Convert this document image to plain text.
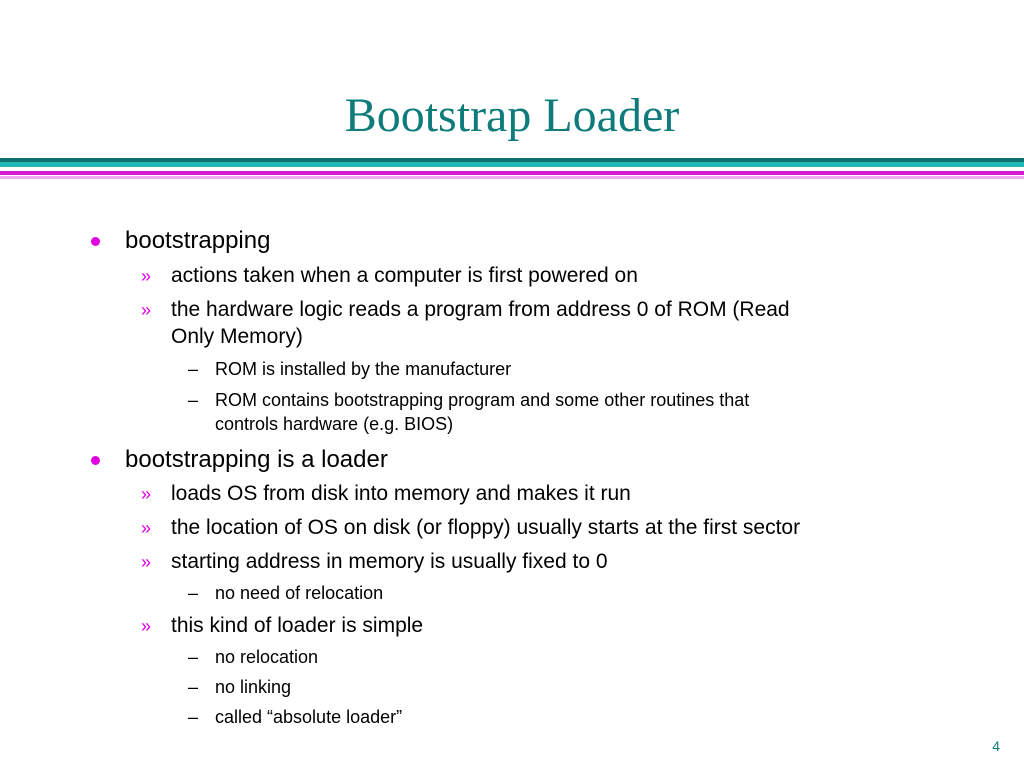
Bootstrap Loader
bootstrapping
» actions taken when a computer is first powered on
» the hardware logic reads a program from address 0 of ROM (Read
Only Memory)
– ROM is installed by the manufacturer
– ROM contains bootstrapping program and some other routines that
controls hardware (e.g. BIOS)
bootstrapping is a loader
» loads OS from disk into memory and makes it run
» the location of OS on disk (or floppy) usually starts at the first sector
» starting address in memory is usually fixed to 0
– no need of relocation
» this kind of loader is simple
– no relocation
– no linking
– called “absolute loader”
4
